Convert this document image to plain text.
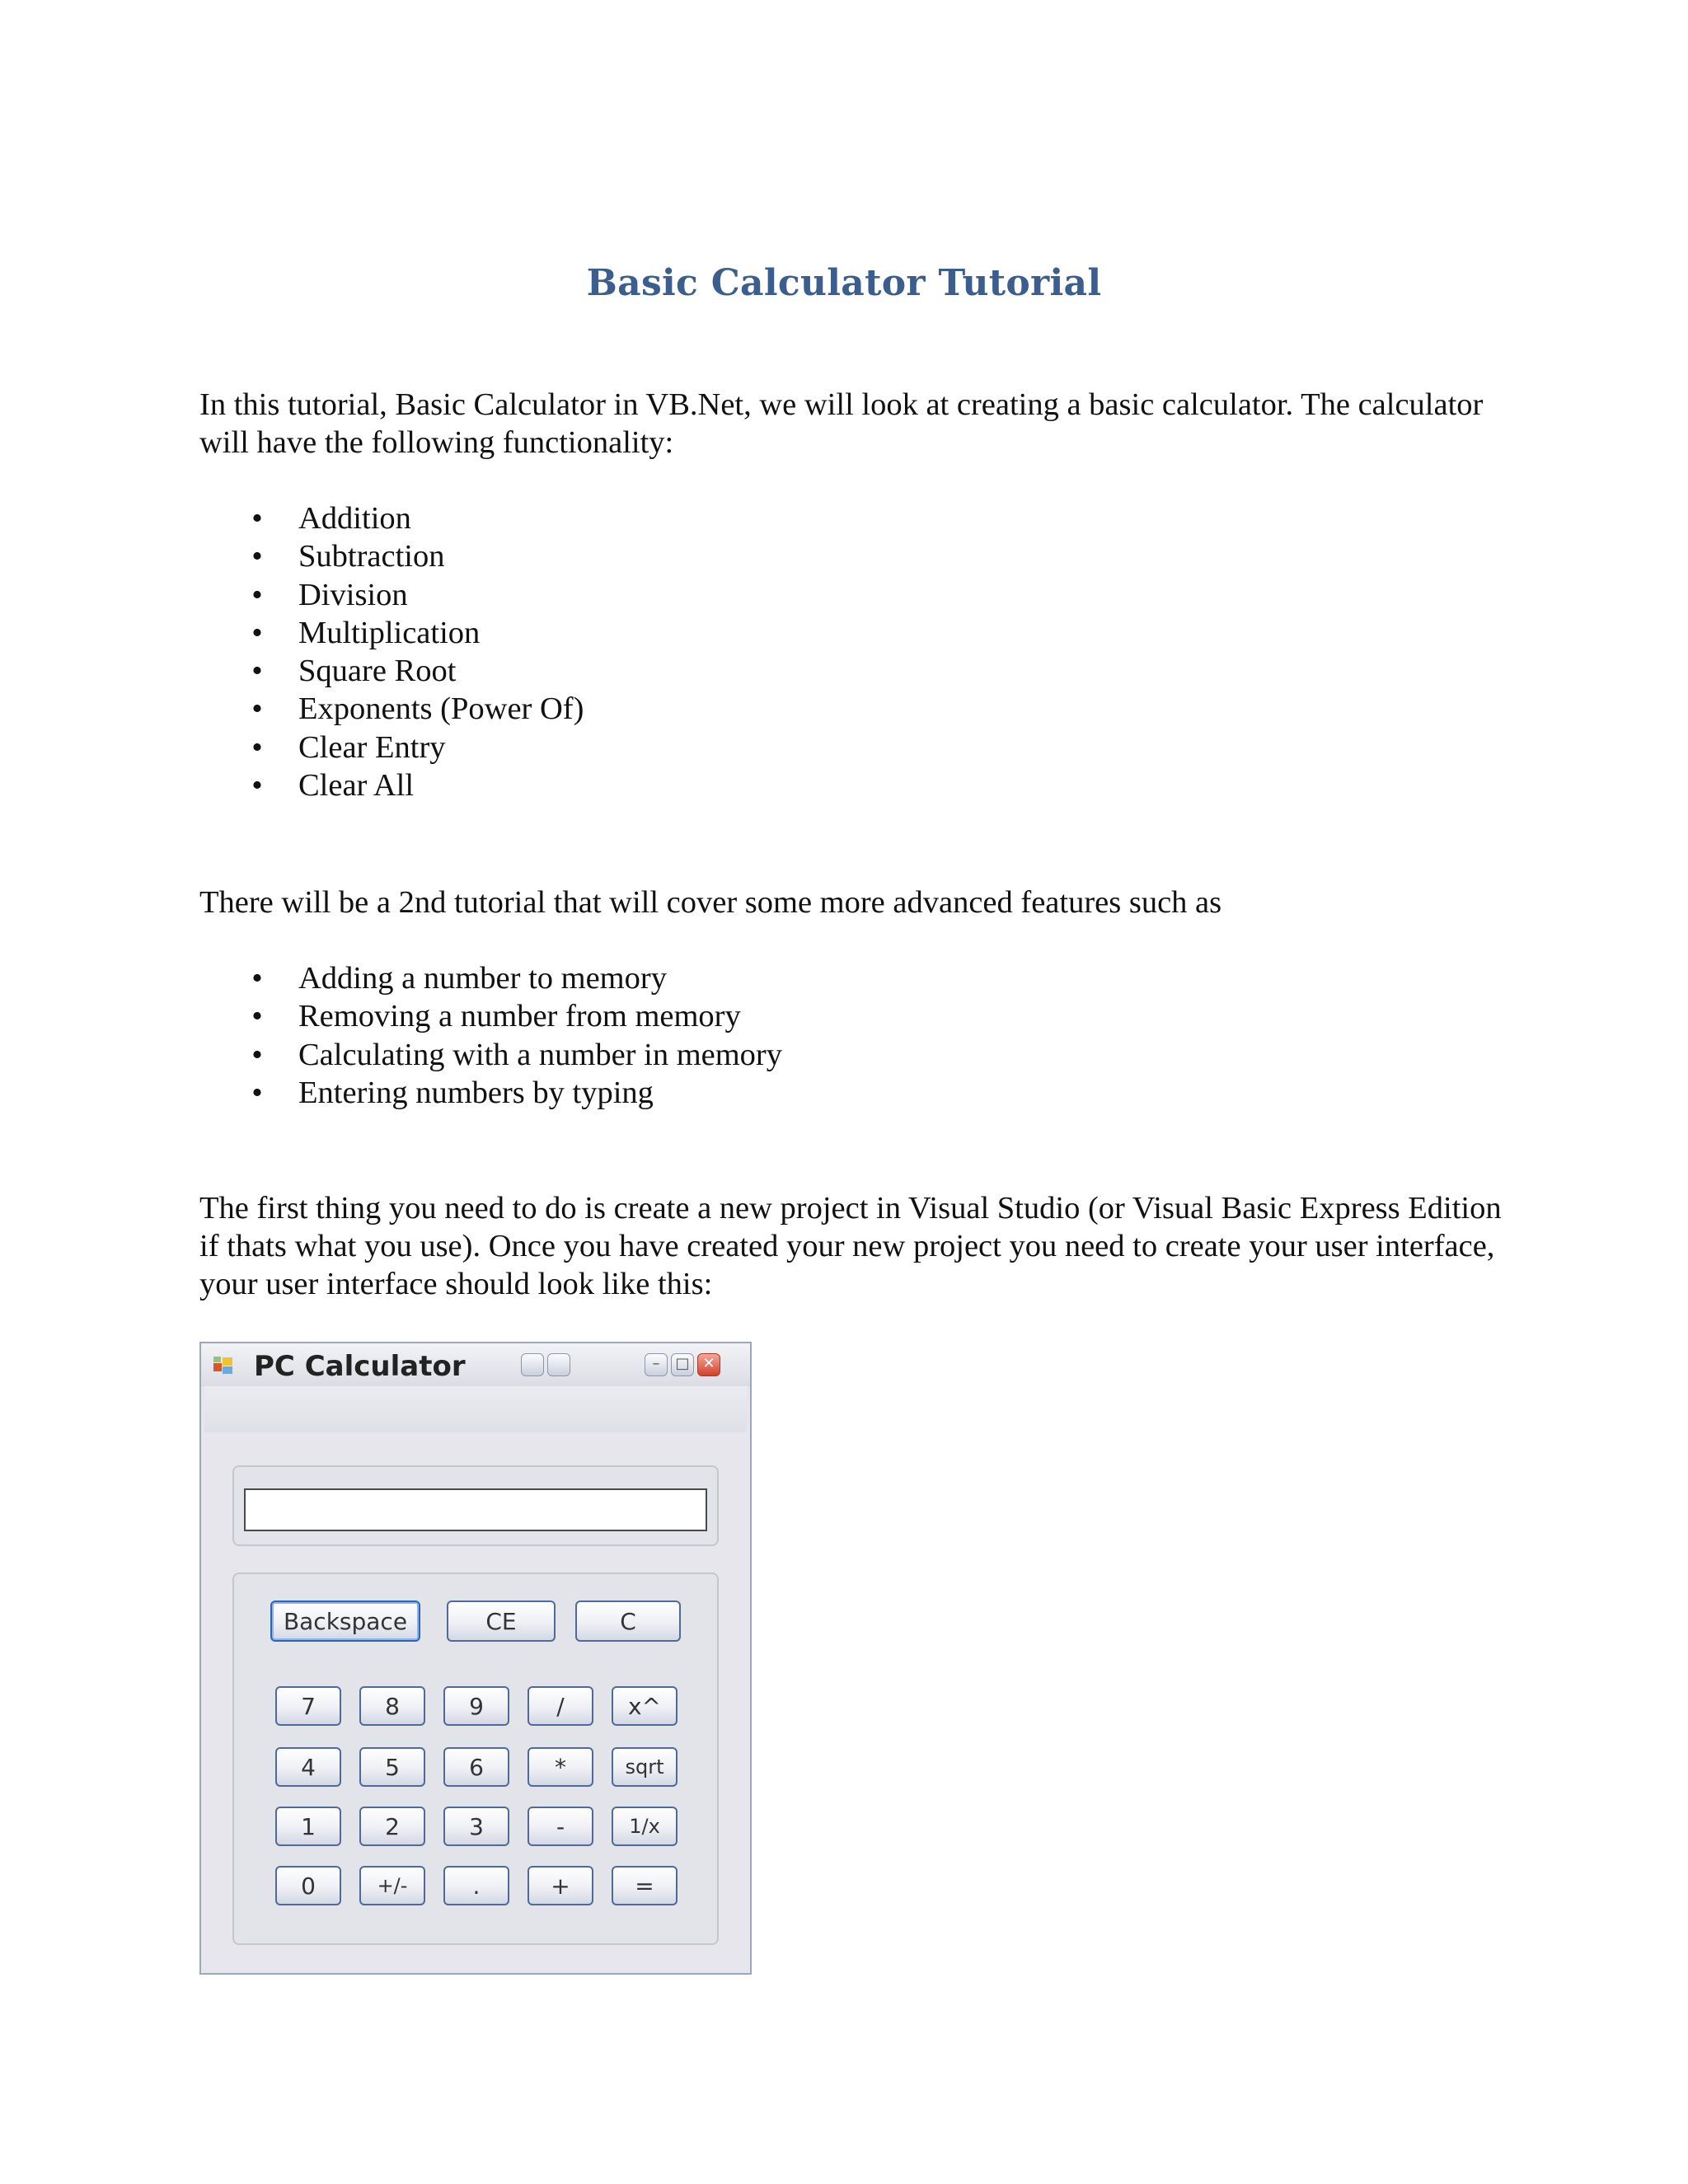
Basic Calculator Tutorial

In this tutorial, Basic Calculator in VB.Net, we will look at creating a basic calculator. The calculator will have the following functionality:

• Addition
• Subtraction
• Division
• Multiplication
• Square Root
• Exponents (Power Of)
• Clear Entry
• Clear All

There will be a 2nd tutorial that will cover some more advanced features such as

• Adding a number to memory
• Removing a number from memory
• Calculating with a number in memory
• Entering numbers by typing

The first thing you need to do is create a new project in Visual Studio (or Visual Basic Express Edition if thats what you use). Once you have created your new project you need to create your user interface, your user interface should look like this:

PC Calculator	–	□ ✕
Backspace	CE	C
7	8	9	/	x^
4	5	6	*	sqrt
1	2	3	-	1/x
0	+/-	.	+	=
